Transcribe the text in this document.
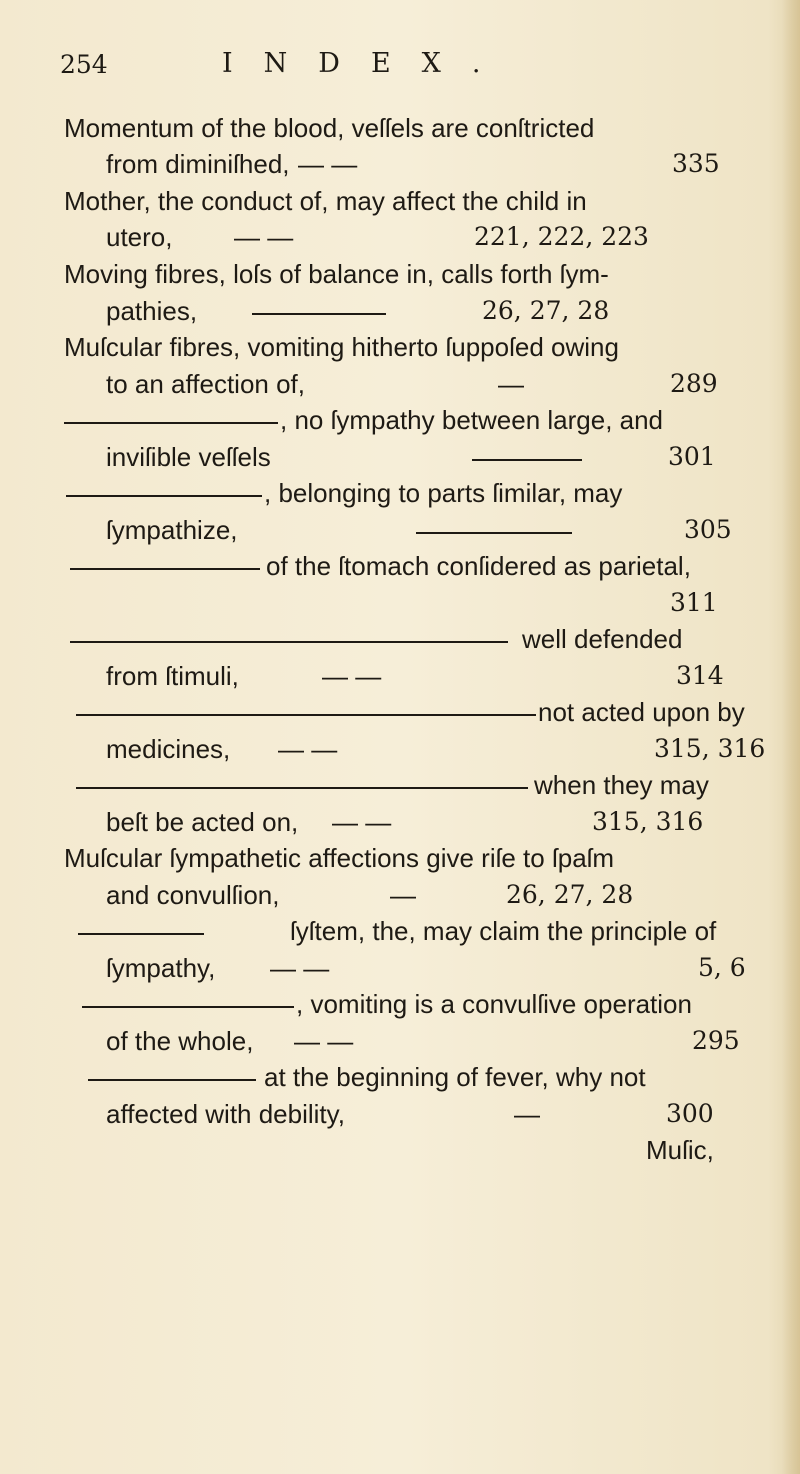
254	INDEX.
Momentum of the blood, veſſels are conſtricted
from diminiſhed, — —	335
Mother, the conduct of, may affect the child in
utero, — —	221, 222, 223
Moving fibres, loſs of balance in, calls forth ſym-
pathies,	26, 27, 28
Muſcular fibres, vomiting hitherto ſuppoſed owing
to an affection of,	—	289
, no ſympathy between large, and
inviſible veſſels	301
, belonging to parts ſimilar, may
ſympathize,	305
of the ſtomach conſidered as parietal,
311
well defended
from ſtimuli,	— —	314
not acted upon by
medicines, — —	315, 316
when they may
beſt be acted on, — —	315, 316
Muſcular ſympathetic affections give riſe to ſpaſm
and convulſion,	—	26, 27, 28
ſyſtem, the, may claim the principle of
ſympathy, — —	5, 6
, vomiting is a convulſive operation
of the whole, — —	295
at the beginning of fever, why not
affected with debility,	—	300
Muſic,
